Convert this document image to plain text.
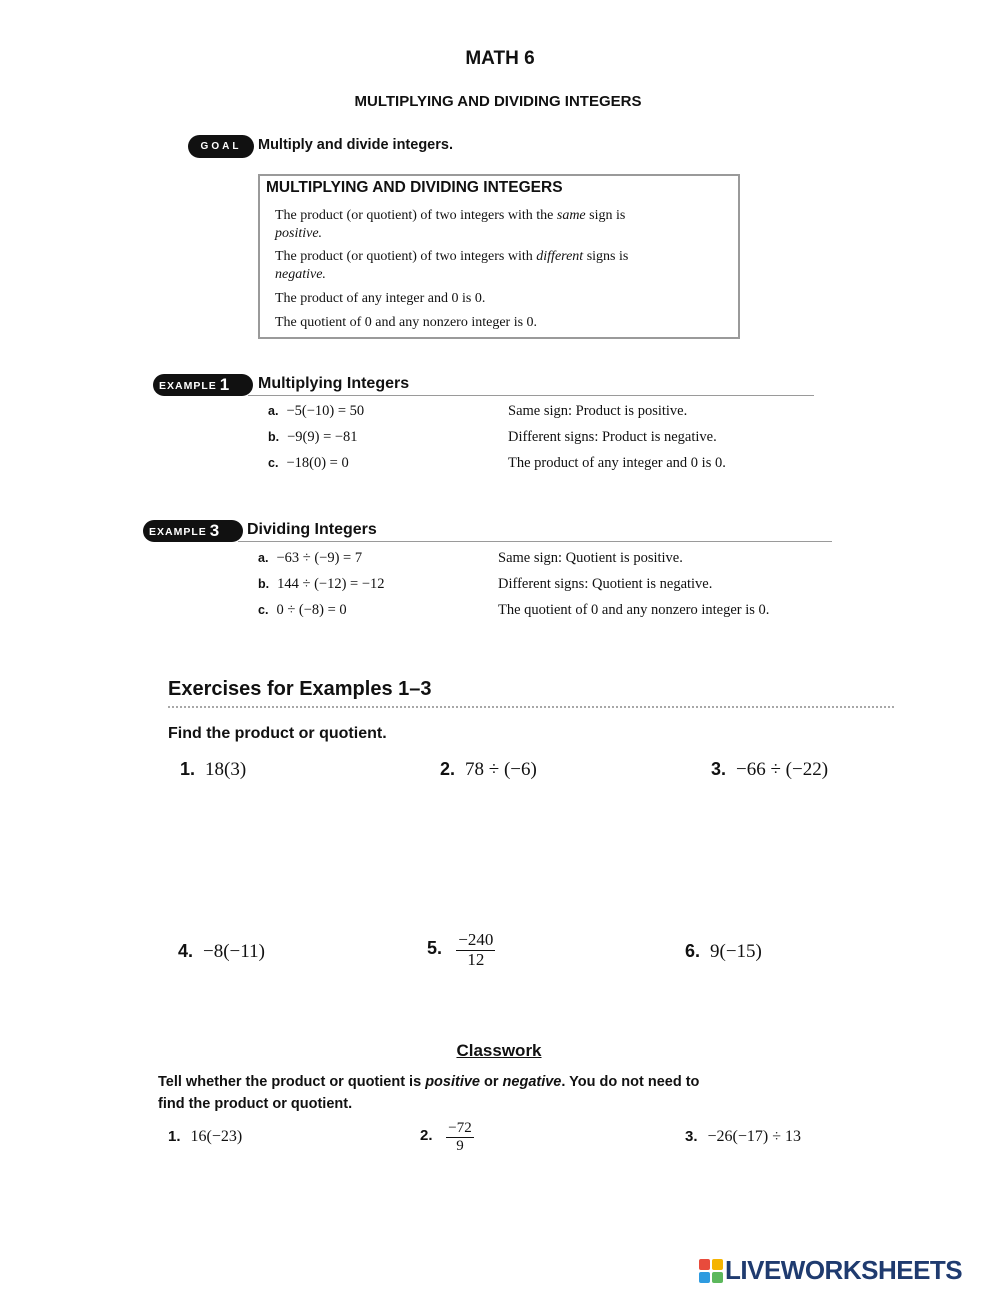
MATH 6
MULTIPLYING AND DIVIDING INTEGERS
GOAL	Multiply and divide integers.
MULTIPLYING AND DIVIDING INTEGERS
The product (or quotient) of two integers with the same sign is
positive.
The product (or quotient) of two integers with different signs is
negative.
The product of any integer and 0 is 0.
The quotient of 0 and any nonzero integer is 0.
EXAMPLE 1	Multiplying Integers
a. −5(−10) = 50	Same sign: Product is positive.
b. −9(9) = −81	Different signs: Product is negative.
c. −18(0) = 0	The product of any integer and 0 is 0.
EXAMPLE 3	Dividing Integers
a. −63 ÷ (−9) = 7	Same sign: Quotient is positive.
b. 144 ÷ (−12) = −12	Different signs: Quotient is negative.
c. 0 ÷ (−8) = 0	The quotient of 0 and any nonzero integer is 0.
Exercises for Examples 1–3
Find the product or quotient.
1. 18(3)	2. 78 ÷ (−6)	3. −66 ÷ (−22)
4. −8(−11)	5. $\frac{-240}{12}$	6. 9(−15)
Classwork
Tell whether the product or quotient is positive or negative. You do not need to
find the product or quotient.
1. 16(−23)	2. $\frac{-72}{9}$	3. −26(−17) ÷ 13
LIVEWORKSHEETS
